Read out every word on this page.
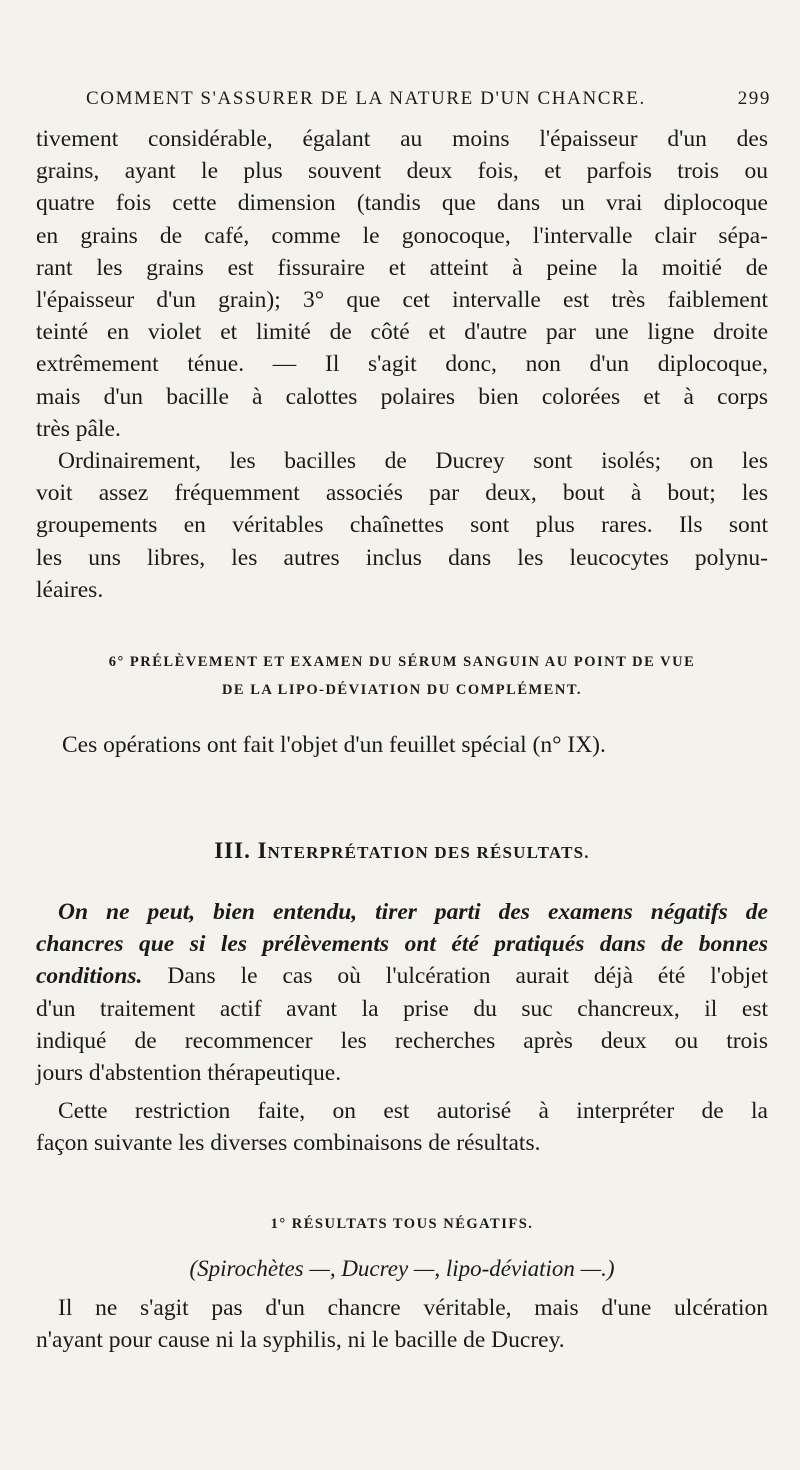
COMMENT S'ASSURER DE LA NATURE D'UN CHANCRE.	299
tivement considérable, égalant au moins l'épaisseur d'un des
grains, ayant le plus souvent deux fois, et parfois trois ou
quatre fois cette dimension (tandis que dans un vrai diplocoque
en grains de café, comme le gonocoque, l'intervalle clair sépa-
rant les grains est fissuraire et atteint à peine la moitié de
l'épaisseur d'un grain); 3° que cet intervalle est très faiblement
teinté en violet et limité de côté et d'autre par une ligne droite
extrêmement ténue. — Il s'agit donc, non d'un diplocoque,
mais d'un bacille à calottes polaires bien colorées et à corps
très pâle.
Ordinairement, les bacilles de Ducrey sont isolés; on les
voit assez fréquemment associés par deux, bout à bout; les
groupements en véritables chaînettes sont plus rares. Ils sont
les uns libres, les autres inclus dans les leucocytes polynu-
léaires.
6° PRÉLÈVEMENT ET EXAMEN DU SÉRUM SANGUIN AU POINT DE VUE
DE LA LIPO-DÉVIATION DU COMPLÉMENT.
Ces opérations ont fait l'objet d'un feuillet spécial (n° IX).
III. INTERPRÉTATION DES RÉSULTATS.
On ne peut, bien entendu, tirer parti des examens négatifs de
chancres que si les prélèvements ont été pratiqués dans de bonnes
conditions. Dans le cas où l'ulcération aurait déjà été l'objet
d'un traitement actif avant la prise du suc chancreux, il est
indiqué de recommencer les recherches après deux ou trois
jours d'abstention thérapeutique.
Cette restriction faite, on est autorisé à interpréter de la
façon suivante les diverses combinaisons de résultats.
1° RÉSULTATS TOUS NÉGATIFS.
(Spirochètes —, Ducrey —, lipo-déviation —.)
Il ne s'agit pas d'un chancre véritable, mais d'une ulcération
n'ayant pour cause ni la syphilis, ni le bacille de Ducrey.
